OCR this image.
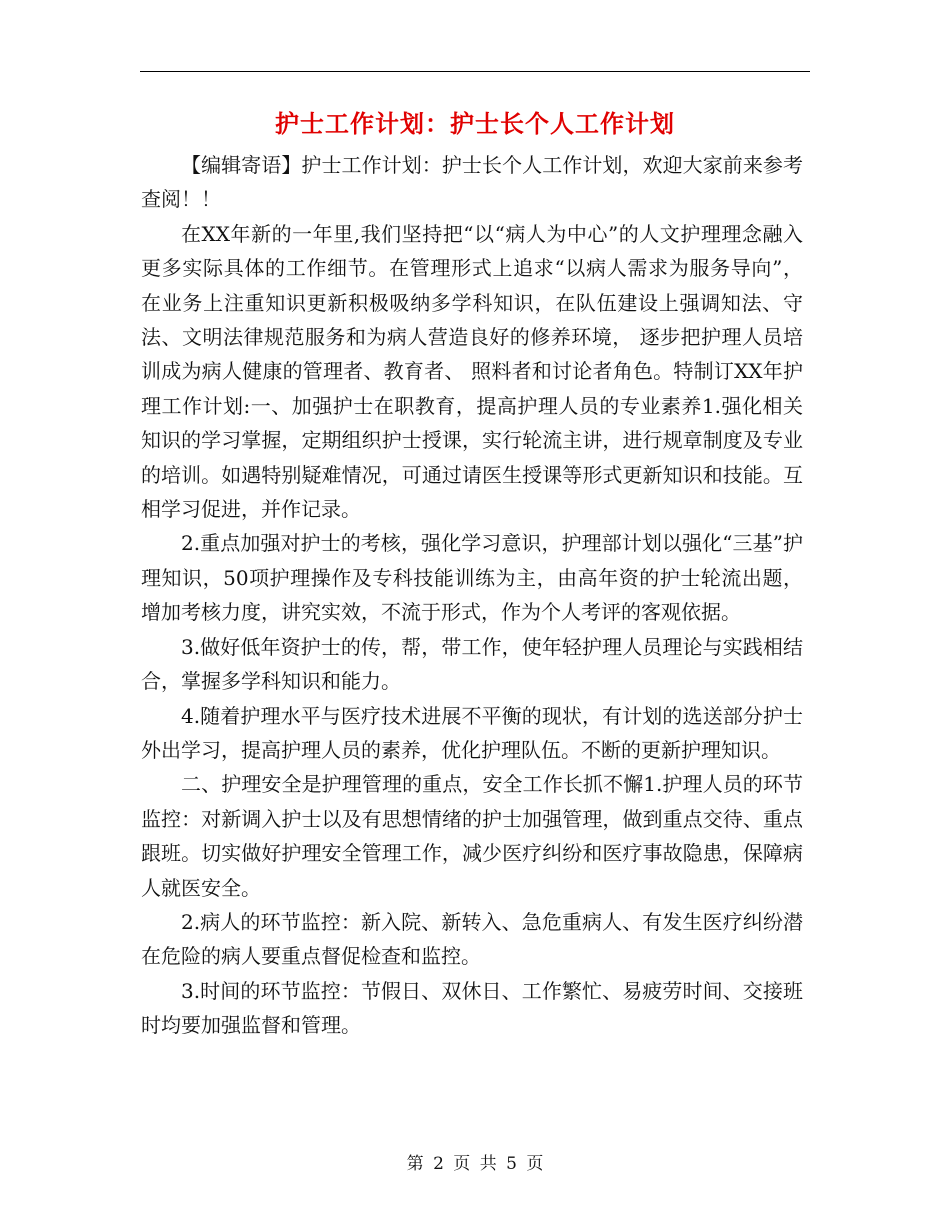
护士工作计划：护士长个人工作计划

【编辑寄语】护士工作计划：护士长个人工作计划，欢迎大家前来参考查阅！！

在XX年新的一年里,我们坚持把“以“病人为中心”的人文护理理念融入更多实际具体的工作细节。在管理形式上追求“以病人需求为服务导向”， 在业务上注重知识更新积极吸纳多学科知识，在队伍建设上强调知法、守法、文明法律规范服务和为病人营造良好的修养环境， 逐步把护理人员培训成为病人健康的管理者、教育者、 照料者和讨论者角色。特制订XX年护理工作计划:一、加强护士在职教育，提高护理人员的专业素养1.强化相关知识的学习掌握，定期组织护士授课，实行轮流主讲，进行规章制度及专业的培训。如遇特别疑难情况，可通过请医生授课等形式更新知识和技能。互相学习促进，并作记录。

2.重点加强对护士的考核，强化学习意识，护理部计划以强化“三基”护理知识，50项护理操作及专科技能训练为主，由高年资的护士轮流出题，增加考核力度，讲究实效，不流于形式，作为个人考评的客观依据。

3.做好低年资护士的传，帮，带工作，使年轻护理人员理论与实践相结合，掌握多学科知识和能力。

4.随着护理水平与医疗技术进展不平衡的现状，有计划的选送部分护士外出学习，提高护理人员的素养，优化护理队伍。不断的更新护理知识。

二、护理安全是护理管理的重点，安全工作长抓不懈1.护理人员的环节监控：对新调入护士以及有思想情绪的护士加强管理，做到重点交待、重点跟班。切实做好护理安全管理工作，减少医疗纠纷和医疗事故隐患，保障病人就医安全。

2.病人的环节监控：新入院、新转入、急危重病人、有发生医疗纠纷潜在危险的病人要重点督促检查和监控。

3.时间的环节监控：节假日、双休日、工作繁忙、易疲劳时间、交接班时均要加强监督和管理。

第 2 页 共 5 页
